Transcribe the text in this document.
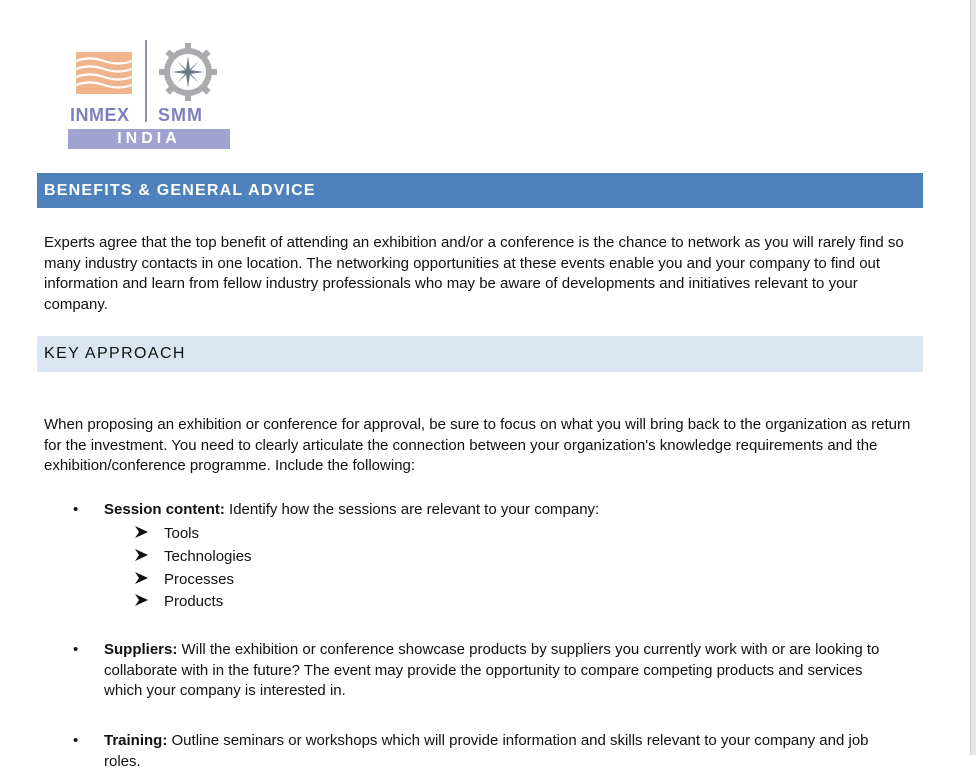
INMEX SMM
INDIA
BENEFITS & GENERAL ADVICE

Experts agree that the top benefit of attending an exhibition and/or a conference is the chance to network as you will rarely find so many industry contacts in one location. The networking opportunities at these events enable you and your company to find out information and learn from fellow industry professionals who may be aware of developments and initiatives relevant to your company.

KEY APPROACH

When proposing an exhibition or conference for approval, be sure to focus on what you will bring back to the organization as return for the investment. You need to clearly articulate the connection between your organization's knowledge requirements and the exhibition/conference programme. Include the following:

• Session content: Identify how the sessions are relevant to your company:
Tools
Technologies
Processes
Products
• Suppliers: Will the exhibition or conference showcase products by suppliers you currently work with or are looking to collaborate with in the future? The event may provide the opportunity to compare competing products and services which your company is interested in.
• Training: Outline seminars or workshops which will provide information and skills relevant to your company and job roles.
